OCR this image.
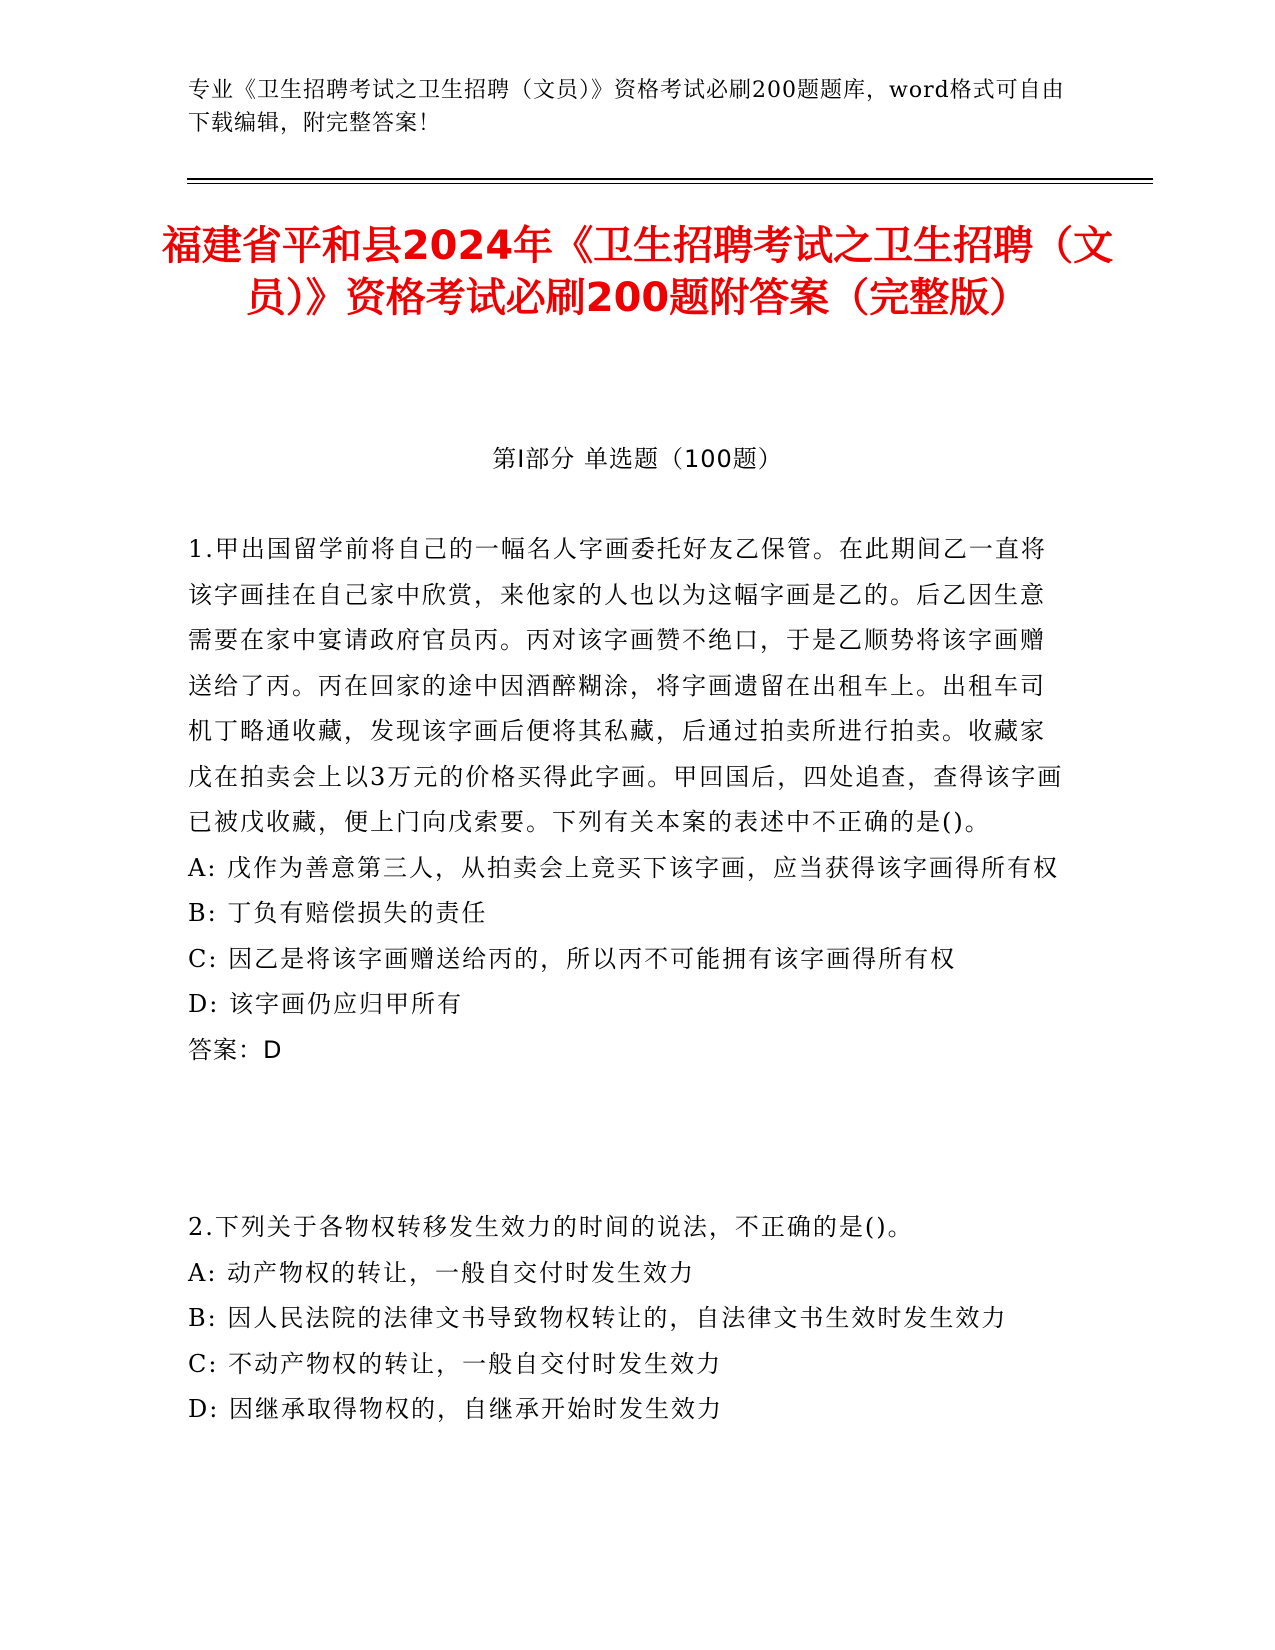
专业《卫生招聘考试之卫生招聘（文员）》资格考试必刷200题题库，word格式可自由下载编辑，附完整答案！
福建省平和县2024年《卫生招聘考试之卫生招聘（文员）》资格考试必刷200题附答案（完整版）
第Ⅰ部分 单选题（100题）

1.甲出国留学前将自己的一幅名人字画委托好友乙保管。在此期间乙一直将该字画挂在自己家中欣赏，来他家的人也以为这幅字画是乙的。后乙因生意需要在家中宴请政府官员丙。丙对该字画赞不绝口，于是乙顺势将该字画赠送给了丙。丙在回家的途中因酒醉糊涂，将字画遗留在出租车上。出租车司机丁略通收藏，发现该字画后便将其私藏，后通过拍卖所进行拍卖。收藏家戊在拍卖会上以3万元的价格买得此字画。甲回国后，四处追查，查得该字画已被戊收藏，便上门向戊索要。下列有关本案的表述中不正确的是()。

A: 戊作为善意第三人，从拍卖会上竞买下该字画，应当获得该字画得所有权

B: 丁负有赔偿损失的责任

C: 因乙是将该字画赠送给丙的，所以丙不可能拥有该字画得所有权

D: 该字画仍应归甲所有

答案：D

2.下列关于各物权转移发生效力的时间的说法，不正确的是()。

A: 动产物权的转让，一般自交付时发生效力

B: 因人民法院的法律文书导致物权转让的，自法律文书生效时发生效力

C: 不动产物权的转让，一般自交付时发生效力

D: 因继承取得物权的，自继承开始时发生效力
